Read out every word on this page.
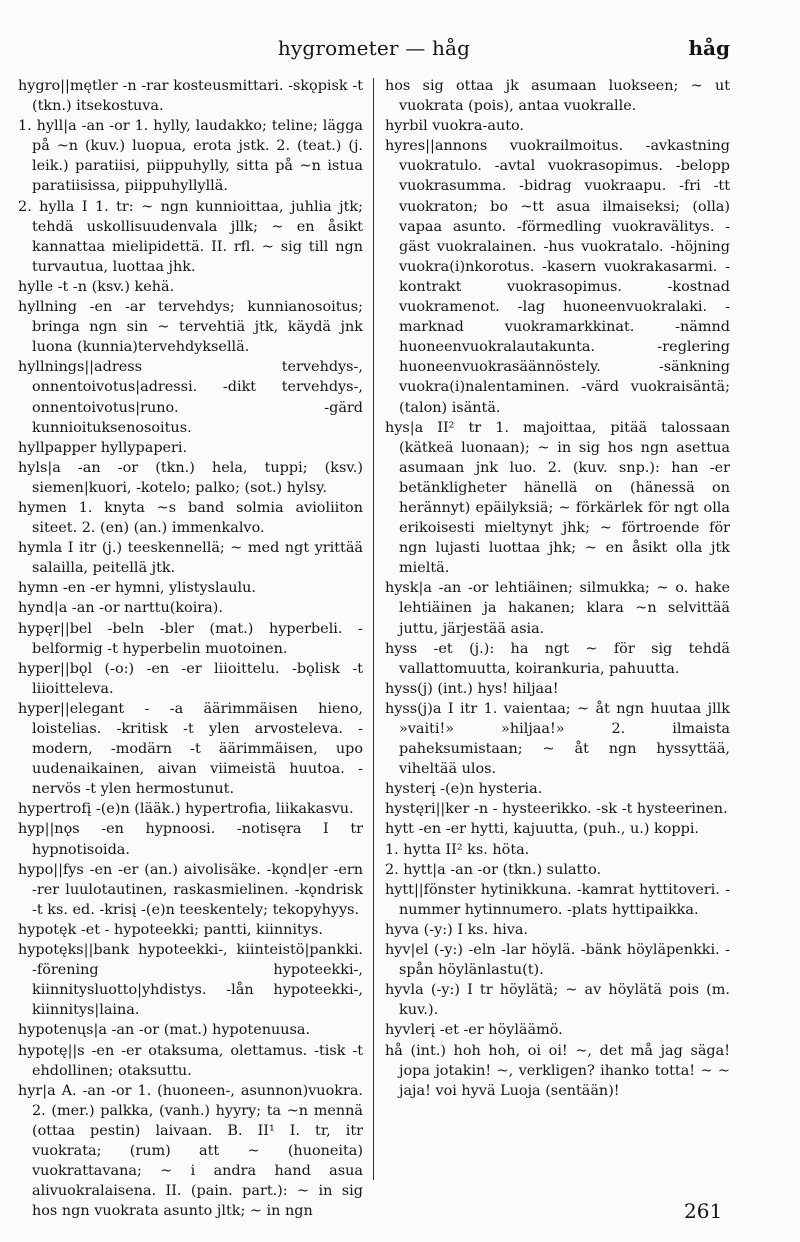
hygrometer — håg	håg

hygro||mętler -n -rar kosteusmittari. -skǫpisk -t (tkn.) itsekostuva.

1. hyll|a -an -or 1. hylly, laudakko; teline; lägga på ~n (kuv.) luopua, erota jstk. 2. (teat.) (j. leik.) paratiisi, piippuhylly, sitta på ~n istua paratiisissa, piippuhyllyllä.

2. hylla I 1. tr: ~ ngn kunnioittaa, juhlia jtk; tehdä uskollisuudenvala jllk; ~ en åsikt kannattaa mielipidettä. II. rfl. ~ sig till ngn turvautua, luottaa jhk.

hylle -t -n (ksv.) kehä.

hyllning -en -ar tervehdys; kunnianosoitus; bringa ngn sin ~ tervehtiä jtk, käydä jnk luona (kunnia)tervehdyksellä.

hyllnings||adress tervehdys-, onnentoivotus|adressi. -dikt tervehdys-, onnentoivotus|runo. -gärd kunnioituksenosoitus.

hyllpapper hyllypaperi.

hyls|a -an -or (tkn.) hela, tuppi; (ksv.) siemen|kuori, -kotelo; palko; (sot.) hylsy.

hymen 1. knyta ~s band solmia avioliiton siteet. 2. (en) (an.) immenkalvo.

hymla I itr (j.) teeskennellä; ~ med ngt yrittää salailla, peitellä jtk.

hymn -en -er hymni, ylistyslaulu.

hynd|a -an -or narttu(koira).

hypęr||bel -beln -bler (mat.) hyperbeli. -belformig -t hyperbelin muotoinen.

hyper||bǫl (-o:) -en -er liioittelu. -bǫlisk -t liioitteleva.

hyper||elegant - -a äärimmäisen hieno, loistelias. -kritisk -t ylen arvosteleva. -modern, -modärn -t äärimmäisen, upo uudenaikainen, aivan viimeistä huutoa. -nervös -t ylen hermostunut.

hypertrofį -(e)n (lääk.) hypertrofia, liikakasvu.

hyp||nǫs -en hypnoosi. -notisęra I tr hypnotisoida.

hypo||fys -en -er (an.) aivolisäke. -kǫnd|er -ern -rer luulotautinen, raskasmielinen. -kǫndrisk -t ks. ed. -krisį -(e)n teeskentely; tekopyhyys.

hypotęk -et - hypoteekki; pantti, kiinnitys.

hypotęks||bank hypoteekki-, kiinteistö|pankki. -förening hypoteekki-, kiinnitysluotto|yhdistys. -lån hypoteekki-, kiinnitys|laina.

hypotenųs|a -an -or (mat.) hypotenuusa.

hypotę||s -en -er otaksuma, olettamus. -tisk -t ehdollinen; otaksuttu.

hyr|a A. -an -or 1. (huoneen-, asunnon)vuokra. 2. (mer.) palkka, (vanh.) hyyry; ta ~n mennä (ottaa pestin) laivaan. B. II¹ I. tr, itr vuokrata; (rum) att ~ (huoneita) vuokrattavana; ~ i andra hand asua alivuokralaisena. II. (pain. part.): ~ in sig hos ngn vuokrata asunto jltk; ~ in ngn

hos sig ottaa jk asumaan luokseen; ~ ut vuokrata (pois), antaa vuokralle.

hyrbil vuokra-auto.

hyres||annons vuokrailmoitus. -avkastning vuokratulo. -avtal vuokrasopimus. -belopp vuokrasumma. -bidrag vuokraapu. -fri -tt vuokraton; bo ~tt asua ilmaiseksi; (olla) vapaa asunto. -förmedling vuokravälitys. -gäst vuokralainen. -hus vuokratalo. -höjning vuokra(i)nkorotus. -kasern vuokrakasarmi. -kontrakt vuokrasopimus. -kostnad vuokramenot. -lag huoneenvuokralaki. -marknad vuokramarkkinat. -nämnd huoneenvuokralautakunta. -reglering huoneenvuokrasäännöstely. -sänkning vuokra(i)nalentaminen. -värd vuokraisäntä; (talon) isäntä.

hys|a II² tr 1. majoittaa, pitää talossaan (kätkeä luonaan); ~ in sig hos ngn asettua asumaan jnk luo. 2. (kuv. snp.): han -er betänkligheter hänellä on (hänessä on herännyt) epäilyksiä; ~ förkärlek för ngt olla erikoisesti mieltynyt jhk; ~ förtroende för ngn lujasti luottaa jhk; ~ en åsikt olla jtk mieltä.

hysk|a -an -or lehtiäinen; silmukka; ~ o. hake lehtiäinen ja hakanen; klara ~n selvittää juttu, järjestää asia.

hyss -et (j.): ha ngt ~ för sig tehdä vallattomuutta, koirankuria, pahuutta.

hyss(j) (int.) hys! hiljaa!

hyss(j)a I itr 1. vaientaa; ~ åt ngn huutaa jllk »vaiti!» »hiljaa!» 2. ilmaista paheksumistaan; ~ åt ngn hyssyttää, viheltää ulos.

hysterį -(e)n hysteria.

hystęri||ker -n - hysteerikko. -sk -t hysteerinen.

hytt -en -er hytti, kajuutta, (puh., u.) koppi.

1. hytta II² ks. höta.

2. hytt|a -an -or (tkn.) sulatto.

hytt||fönster hytinikkuna. -kamrat hyttitoveri. -nummer hytinnumero. -plats hyttipaikka.

hyva (-y:) I ks. hiva.

hyv|el (-y:) -eln -lar höylä. -bänk höyläpenkki. -spån höylänlastu(t).

hyvla (-y:) I tr höylätä; ~ av höylätä pois (m. kuv.).

hyvlerį -et -er höyläämö.

hå (int.) hoh hoh, oi oi! ~, det må jag säga! jopa jotakin! ~, verkligen? ihanko totta! ~ ~ jaja! voi hyvä Luoja (sentään)!

261
